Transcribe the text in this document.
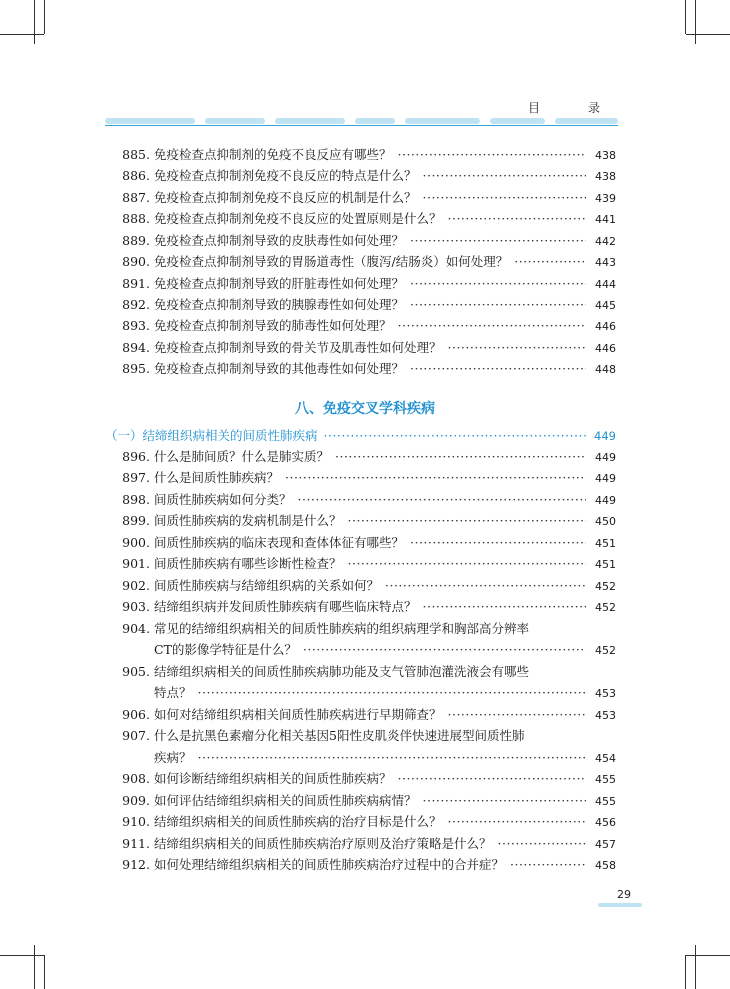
目　录
885. 免疫检查点抑制剂的免疫不良反应有哪些？ ·····	438
886. 免疫检查点抑制剂免疫不良反应的特点是什么？ ·····	438
887. 免疫检查点抑制剂免疫不良反应的机制是什么？ ·····	439
888. 免疫检查点抑制剂免疫不良反应的处置原则是什么？ ·····	441
889. 免疫检查点抑制剂导致的皮肤毒性如何处理？ ·····	442
890. 免疫检查点抑制剂导致的胃肠道毒性（腹泻/结肠炎）如何处理？ ·····	443
891. 免疫检查点抑制剂导致的肝脏毒性如何处理？ ·····	444
892. 免疫检查点抑制剂导致的胰腺毒性如何处理？ ·····	445
893. 免疫检查点抑制剂导致的肺毒性如何处理？ ·····	446
894. 免疫检查点抑制剂导致的骨关节及肌毒性如何处理？ ·····	446
895. 免疫检查点抑制剂导致的其他毒性如何处理？ ·····	448
八、免疫交叉学科疾病
（一）结缔组织病相关的间质性肺疾病 ·····	449
896. 什么是肺间质？什么是肺实质？ ·····	449
897. 什么是间质性肺疾病？ ·····	449
898. 间质性肺疾病如何分类？ ·····	449
899. 间质性肺疾病的发病机制是什么？ ·····	450
900. 间质性肺疾病的临床表现和查体体征有哪些？ ·····	451
901. 间质性肺疾病有哪些诊断性检查？ ·····	451
902. 间质性肺疾病与结缔组织病的关系如何？ ·····	452
903. 结缔组织病并发间质性肺疾病有哪些临床特点？ ·····	452
904. 常见的结缔组织病相关的间质性肺疾病的组织病理学和胸部高分辨率
CT的影像学特征是什么？ ·····	452
905. 结缔组织病相关的间质性肺疾病肺功能及支气管肺泡灌洗液会有哪些
特点？ ·····	453
906. 如何对结缔组织病相关间质性肺疾病进行早期筛查？ ·····	453
907. 什么是抗黑色素瘤分化相关基因5阳性皮肌炎伴快速进展型间质性肺
疾病？ ·····	454
908. 如何诊断结缔组织病相关的间质性肺疾病？ ·····	455
909. 如何评估结缔组织病相关的间质性肺疾病病情？ ·····	455
910. 结缔组织病相关的间质性肺疾病的治疗目标是什么？ ·····	456
911. 结缔组织病相关的间质性肺疾病治疗原则及治疗策略是什么？ ·····	457
912. 如何处理结缔组织病相关的间质性肺疾病治疗过程中的合并症？ ·····	458
29
